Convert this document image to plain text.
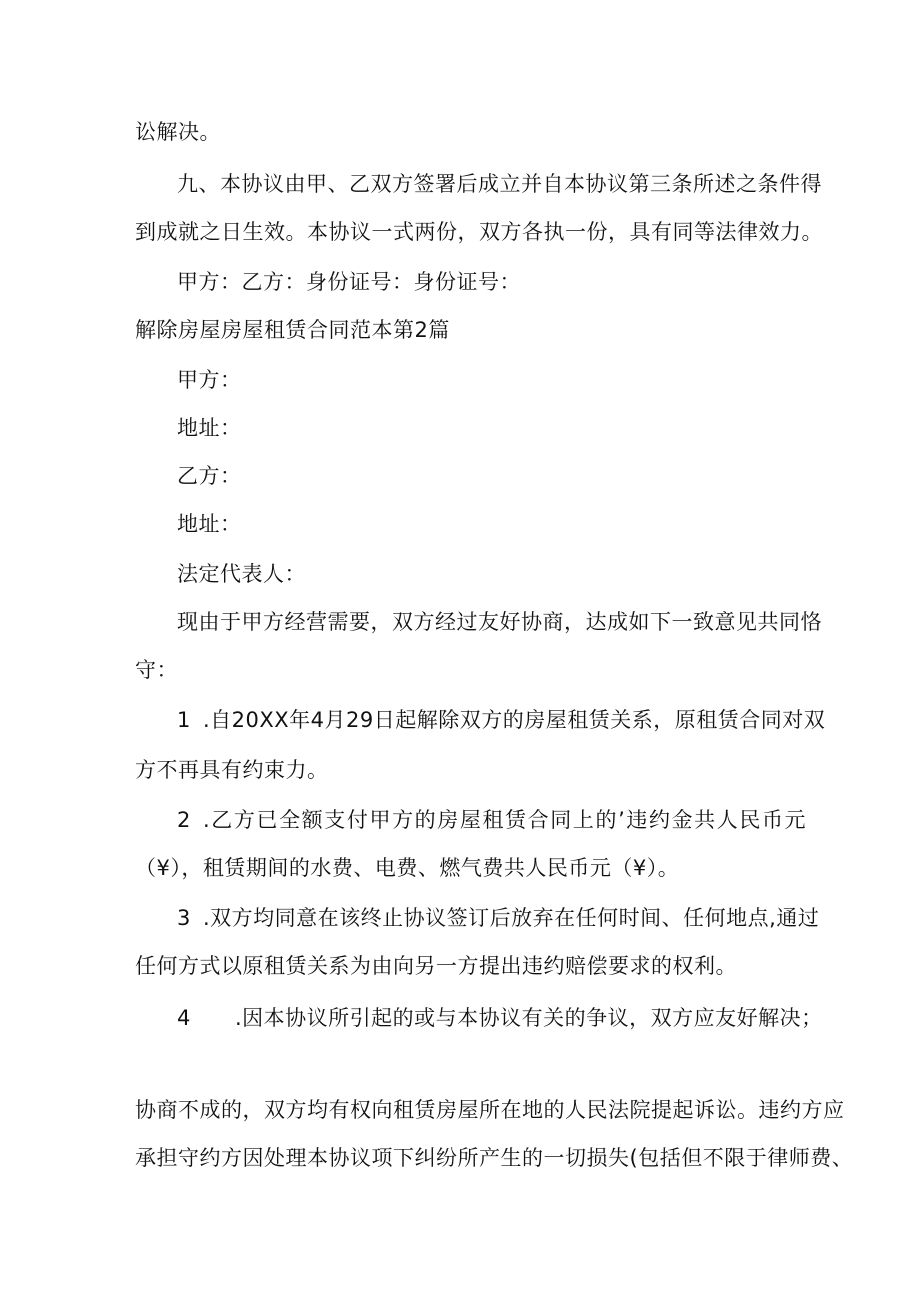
讼解决。
九、本协议由甲、乙双方签署后成立并自本协议第三条所述之条件得
到成就之日生效。本协议一式两份，双方各执一份，具有同等法律效力。
甲方：乙方：身份证号：身份证号：
解除房屋房屋租赁合同范本第2篇
甲方：
地址：
乙方：
地址：
法定代表人：
现由于甲方经营需要，双方经过友好协商，达成如下一致意见共同恪
守：
1 .自20XX年4月29日起解除双方的房屋租赁关系，原租赁合同对双
方不再具有约束力。
2 .乙方已全额支付甲方的房屋租赁合同上的’违约金共人民币元
（¥），租赁期间的水费、电费、燃气费共人民币元（¥）。
3 .双方均同意在该终止协议签订后放弃在任何时间、任何地点,通过
任何方式以原租赁关系为由向另一方提出违约赔偿要求的权利。
4 .因本协议所引起的或与本协议有关的争议，双方应友好解决；
协商不成的，双方均有权向租赁房屋所在地的人民法院提起诉讼。违约方应
承担守约方因处理本协议项下纠纷所产生的一切损失(包括但不限于律师费、
